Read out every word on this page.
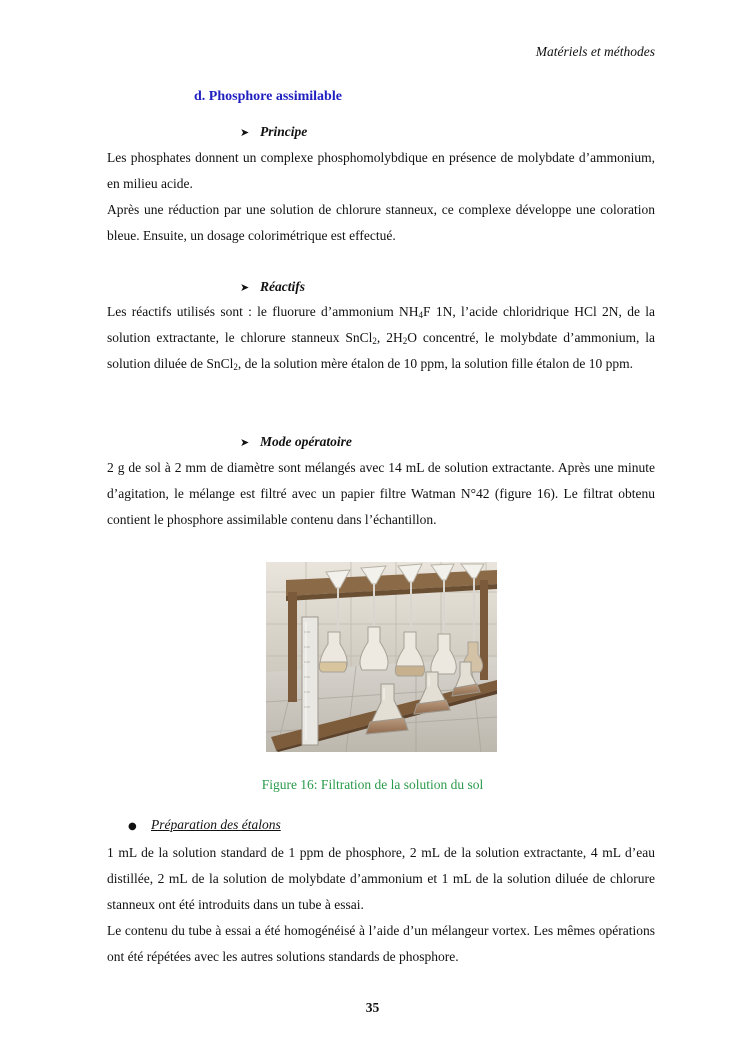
Matériels et méthodes
d. Phosphore assimilable
➤ Principe

Les phosphates donnent un complexe phosphomolybdique en présence de molybdate d’ammonium, en milieu acide.

Après une réduction par une solution de chlorure stanneux, ce complexe développe une coloration bleue. Ensuite, un dosage colorimétrique est effectué.

➤ Réactifs

Les réactifs utilisés sont : le fluorure d’ammonium $NH_4F$ 1N, l’acide chloridrique HCl 2N, de la solution extractante, le chlorure stanneux SnCl$_2$, $2H_2O$ concentré, le molybdate d’ammonium, la solution diluée de SnCl$_2$, de la solution mère étalon de 10 ppm, la solution fille étalon de 10 ppm.

➤ Mode opératoire

2 g de sol à 2 mm de diamètre sont mélangés avec 14 mL de solution extractante. Après une minute d’agitation, le mélange est filtré avec un papier filtre Watman N°42 (figure 16). Le filtrat obtenu contient le phosphore assimilable contenu dans l’échantillon.

Figure 16: Filtration de la solution du sol
● Préparation des étalons

1 mL de la solution standard de 1 ppm de phosphore, 2 mL de la solution extractante, 4 mL d’eau distillée, 2 mL de la solution de molybdate d’ammonium et 1 mL de la solution diluée de chlorure stanneux ont été introduits dans un tube à essai.

Le contenu du tube à essai a été homogénéisé à l’aide d’un mélangeur vortex. Les mêmes opérations ont été répétées avec les autres solutions standards de phosphore.

35
